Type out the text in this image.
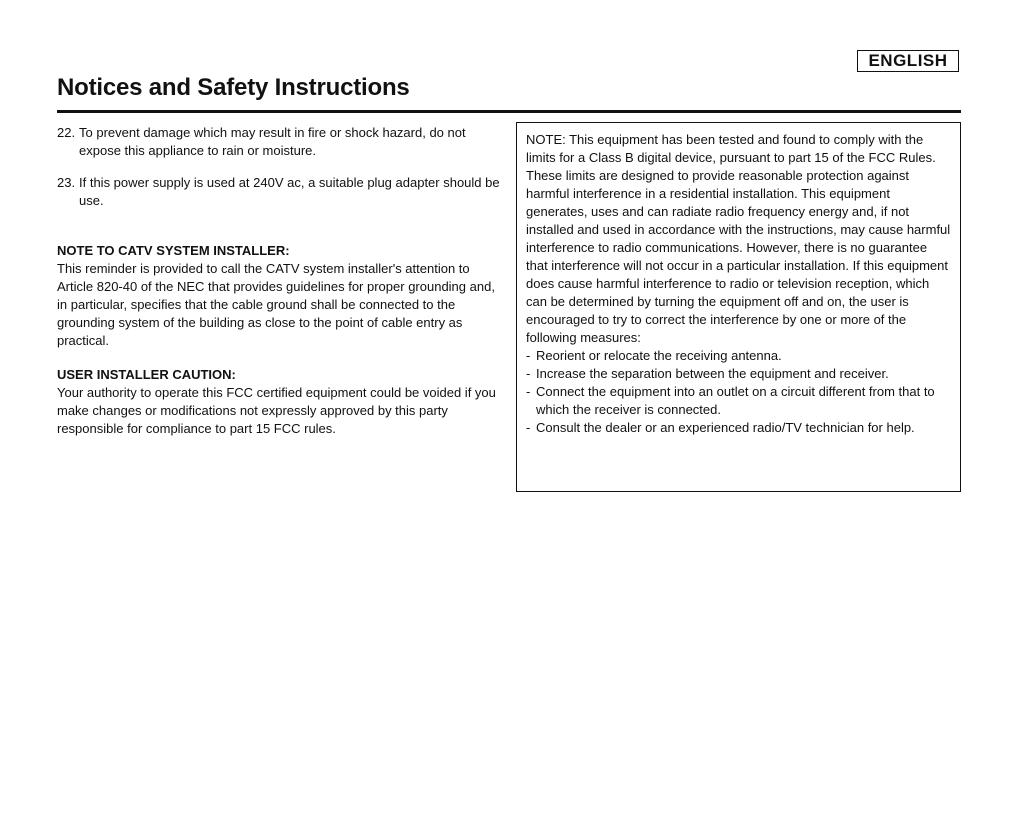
ENGLISH
Notices and Safety Instructions
22. To prevent damage which may result in fire or shock hazard, do not expose this appliance to rain or moisture.
23. If this power supply is used at 240V ac, a suitable plug adapter should be use.
NOTE TO CATV SYSTEM INSTALLER:

This reminder is provided to call the CATV system installer's attention to Article 820-40 of the NEC that provides guidelines for proper grounding and, in particular, specifies that the cable ground shall be connected to the grounding system of the building as close to the point of cable entry as practical.

USER INSTALLER CAUTION:

Your authority to operate this FCC certified equipment could be voided if you make changes or modifications not expressly approved by this party responsible for compliance to part 15 FCC rules.

NOTE: This equipment has been tested and found to comply with the limits for a Class B digital device, pursuant to part 15 of the FCC Rules. These limits are designed to provide reasonable protection against harmful interference in a residential installation. This equipment generates, uses and can radiate radio frequency energy and, if not installed and used in accordance with the instructions, may cause harmful interference to radio communications. However, there is no guarantee that interference will not occur in a particular installation. If this equipment does cause harmful interference to radio or television reception, which can be determined by turning the equipment off and on, the user is encouraged to try to correct the interference by one or more of the following measures:

- Reorient or relocate the receiving antenna.
- Increase the separation between the equipment and receiver.
- Connect the equipment into an outlet on a circuit different from that to which the receiver is connected.
- Consult the dealer or an experienced radio/TV technician for help.
